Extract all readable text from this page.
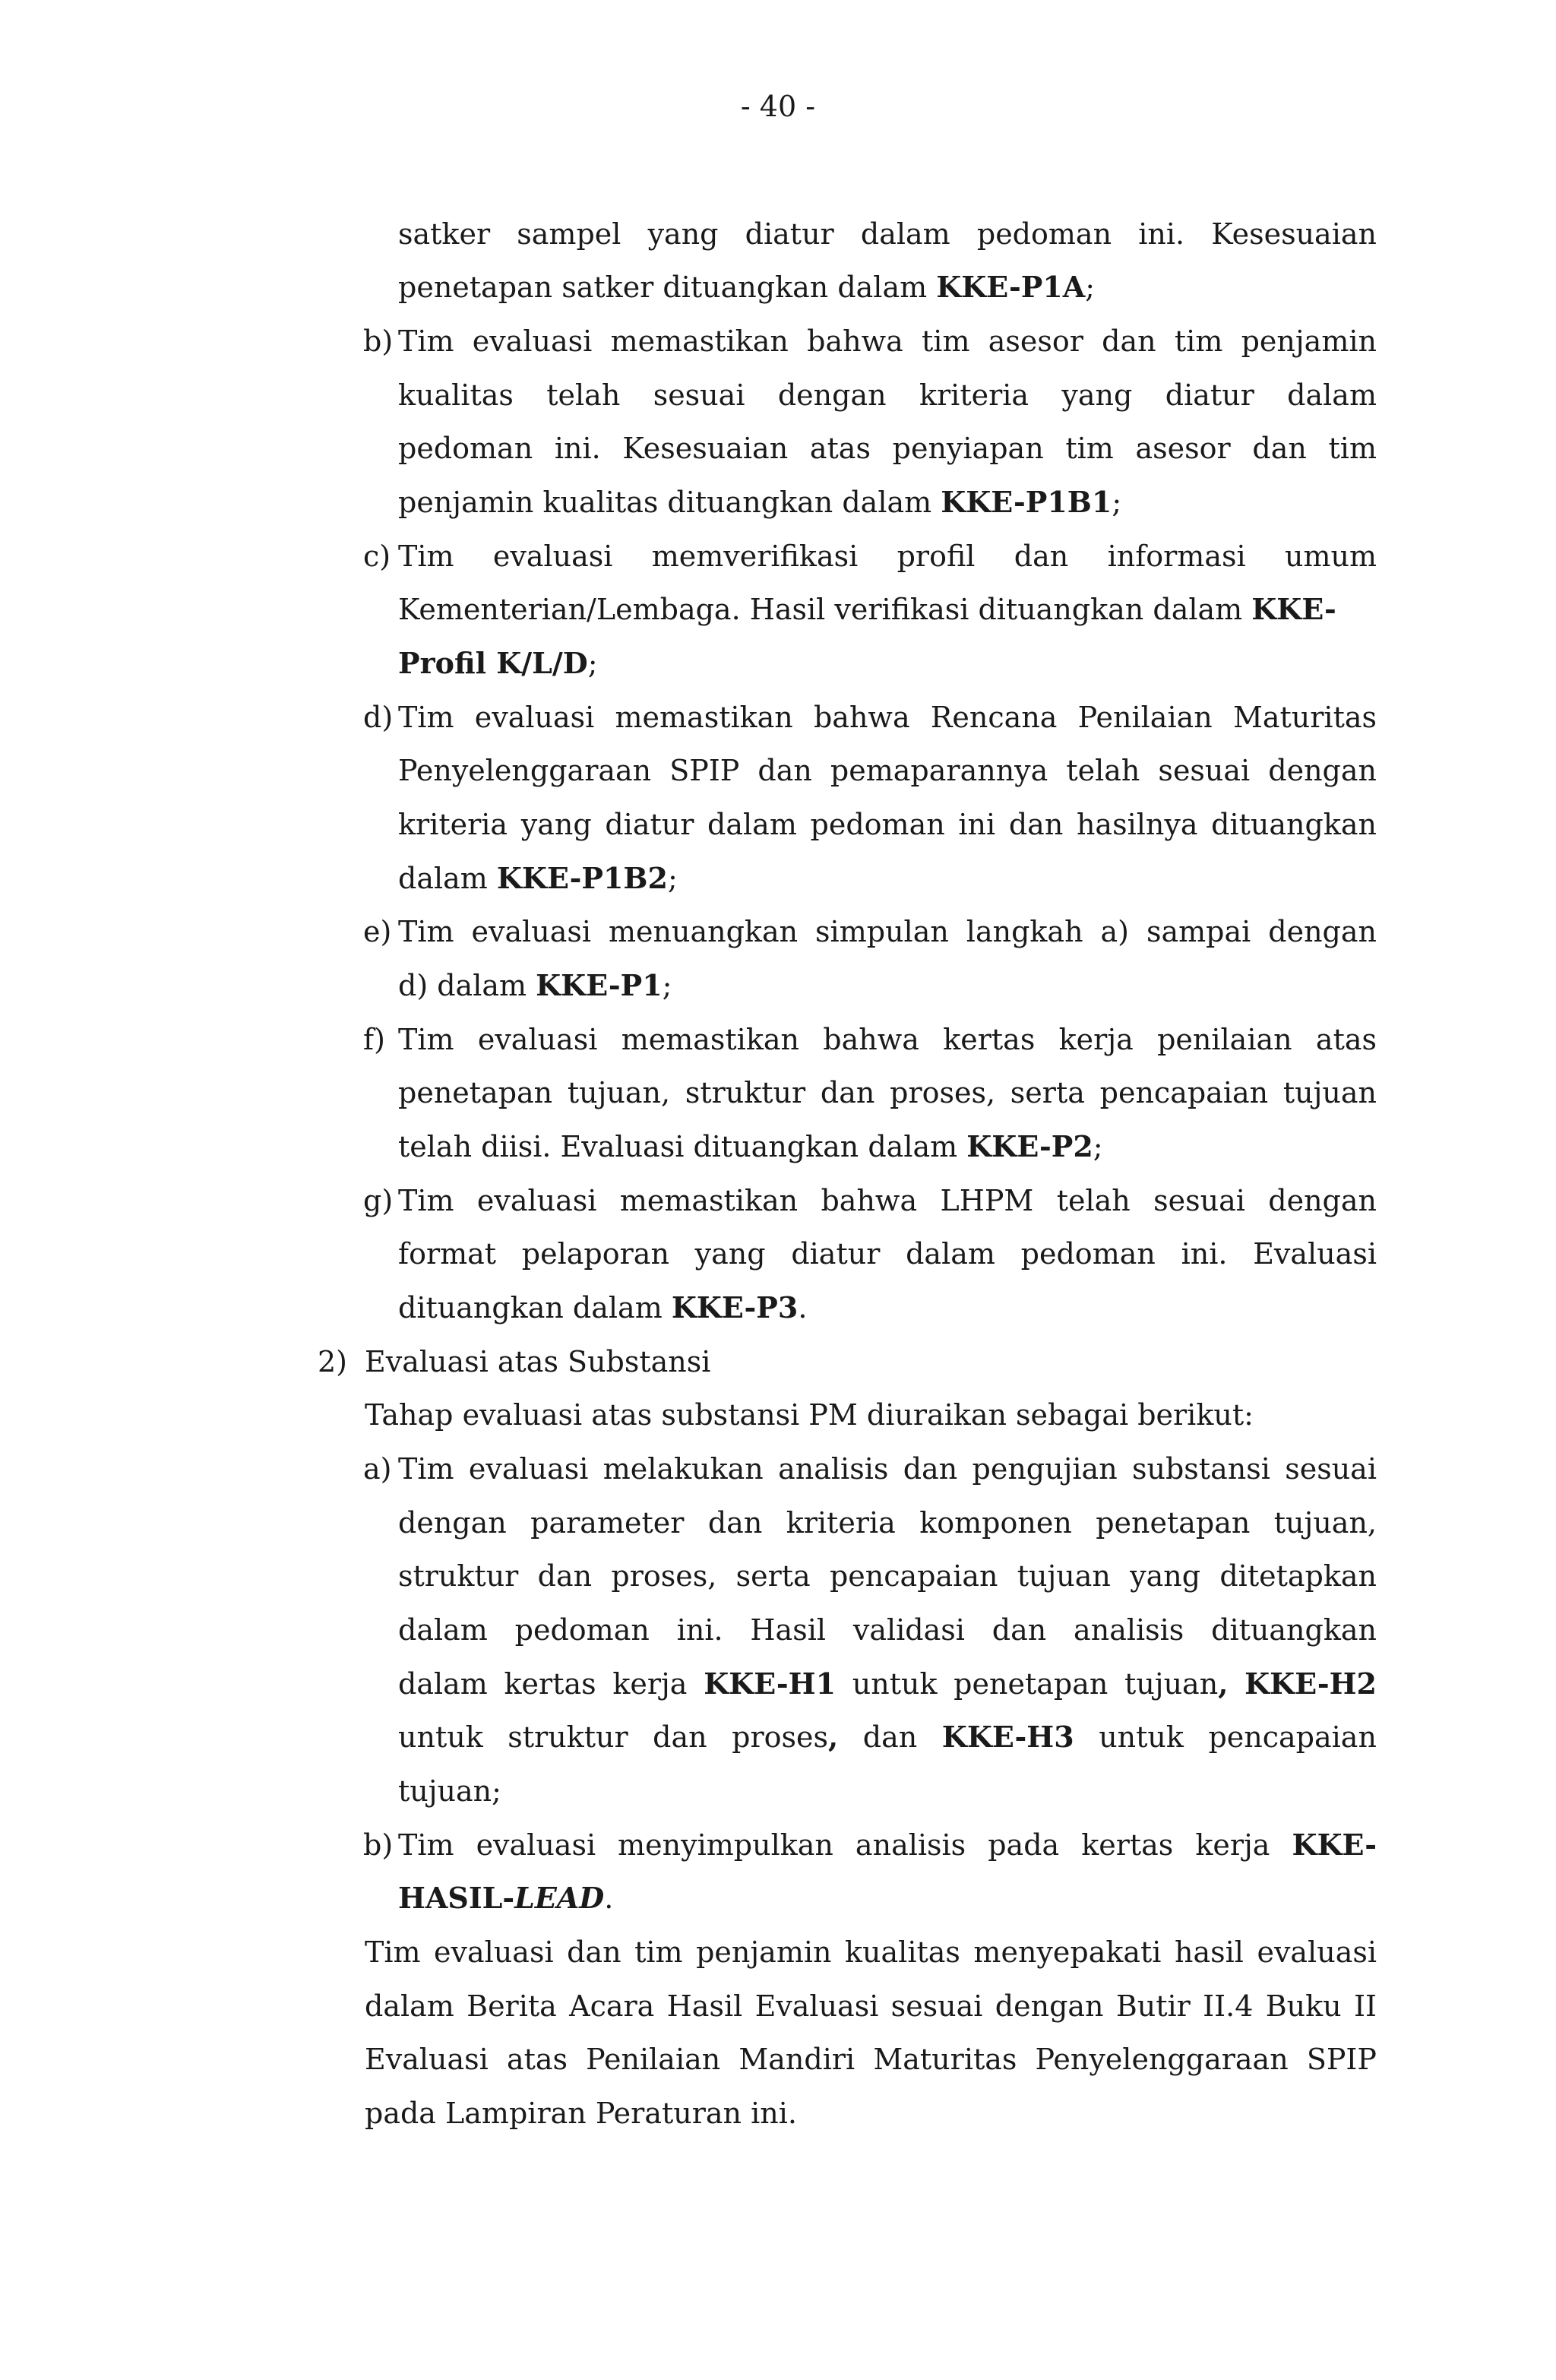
- 40 -
satker sampel yang diatur dalam pedoman ini. Kesesuaian
penetapan satker dituangkan dalam KKE-P1A;
b) Tim evaluasi memastikan bahwa tim asesor dan tim penjamin
kualitas telah sesuai dengan kriteria yang diatur dalam
pedoman ini. Kesesuaian atas penyiapan tim asesor dan tim
penjamin kualitas dituangkan dalam KKE-P1B1;
c) Tim evaluasi memverifikasi profil dan informasi umum
Kementerian/Lembaga. Hasil verifikasi dituangkan dalam KKE-
Profil K/L/D;
d) Tim evaluasi memastikan bahwa Rencana Penilaian Maturitas
Penyelenggaraan SPIP dan pemaparannya telah sesuai dengan
kriteria yang diatur dalam pedoman ini dan hasilnya dituangkan
dalam KKE-P1B2;
e) Tim evaluasi menuangkan simpulan langkah a) sampai dengan
d) dalam KKE-P1;
f) Tim evaluasi memastikan bahwa kertas kerja penilaian atas
penetapan tujuan, struktur dan proses, serta pencapaian tujuan
telah diisi. Evaluasi dituangkan dalam KKE-P2;
g) Tim evaluasi memastikan bahwa LHPM telah sesuai dengan
format pelaporan yang diatur dalam pedoman ini. Evaluasi
dituangkan dalam KKE-P3.
2) Evaluasi atas Substansi
Tahap evaluasi atas substansi PM diuraikan sebagai berikut:
a) Tim evaluasi melakukan analisis dan pengujian substansi sesuai
dengan parameter dan kriteria komponen penetapan tujuan,
struktur dan proses, serta pencapaian tujuan yang ditetapkan
dalam pedoman ini. Hasil validasi dan analisis dituangkan
dalam kertas kerja KKE-H1 untuk penetapan tujuan, KKE-H2
untuk struktur dan proses, dan KKE-H3 untuk pencapaian
tujuan;
b) Tim evaluasi menyimpulkan analisis pada kertas kerja KKE-
HASIL-LEAD.
Tim evaluasi dan tim penjamin kualitas menyepakati hasil evaluasi
dalam Berita Acara Hasil Evaluasi sesuai dengan Butir II.4 Buku II
Evaluasi atas Penilaian Mandiri Maturitas Penyelenggaraan SPIP
pada Lampiran Peraturan ini.
